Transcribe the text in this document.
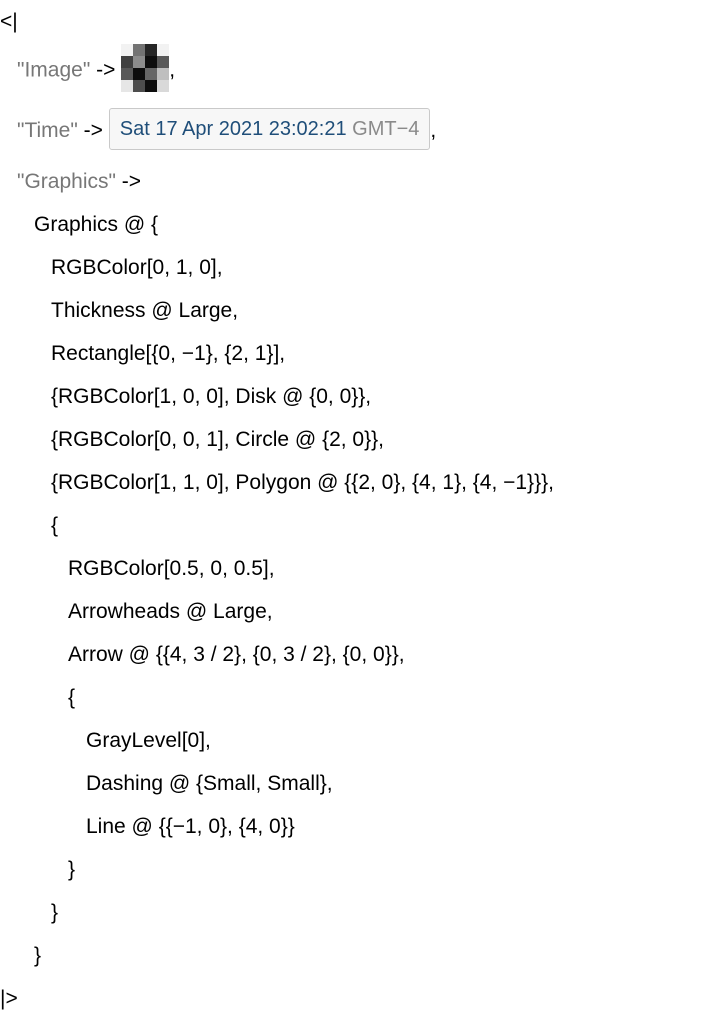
<|
"Image" ->	,
"Time" -> Sat 17 Apr 2021 23:02:21 GMT−4 ,
"Graphics" ->
Graphics @ {
RGBColor[0, 1, 0],
Thickness @ Large,
Rectangle[{0, −1}, {2, 1}],
{RGBColor[1, 0, 0], Disk @ {0, 0}},
{RGBColor[0, 0, 1], Circle @ {2, 0}},
{RGBColor[1, 1, 0], Polygon @ {{2, 0}, {4, 1}, {4, −1}}},
{
RGBColor[0.5, 0, 0.5],
Arrowheads @ Large,
Arrow @ {{4, 3 / 2}, {0, 3 / 2}, {0, 0}},
{
GrayLevel[0],
Dashing @ {Small, Small},
Line @ {{−1, 0}, {4, 0}}
}
}
}
|>
